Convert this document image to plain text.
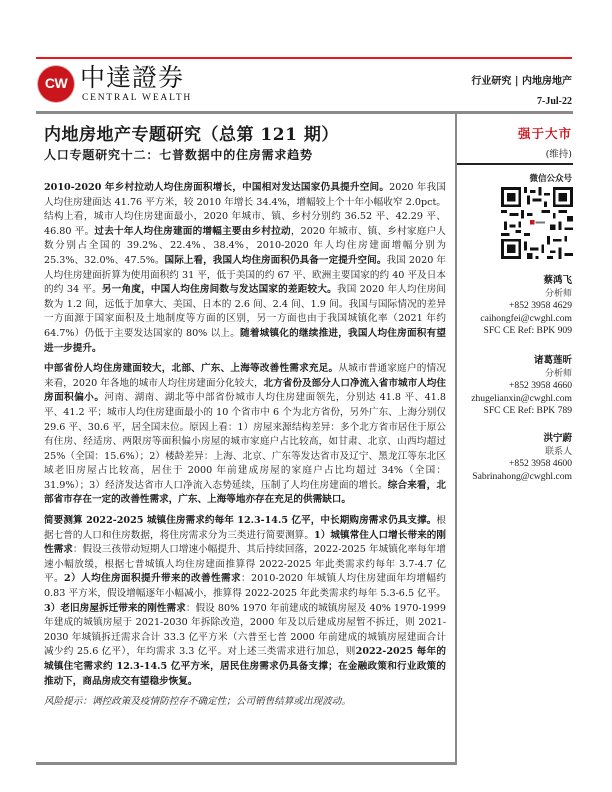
CW 中達證券
CENTRAL WEALTH
行业研究 | 内地房地产
7-Jul-22
内地房地产专题研究（总第 121 期）
人口专题研究十二：七普数据中的住房需求趋势

2010-2020 年乡村拉动人均住房面积增长，中国相对发达国家仍具提升空间。2020 年我国人均住房建面达 41.76 平方米，较 2010 年增长 34.4%，增幅较上个十年小幅收窄 2.0pct。结构上看，城市人均住房建面最小，2020 年城市、镇、乡村分别约 36.52 平、42.29 平、46.80 平。过去十年人均住房建面的增幅主要由乡村拉动，2020 年城市、镇、乡村家庭户人数分别占全国的 39.2%、22.4%、38.4%，2010-2020 年人均住房建面增幅分别为 25.3%、32.0%、47.5%。国际上看，我国人均住房面积仍具备一定提升空间。我国 2020 年人均住房建面折算为使用面积约 31 平，低于美国的约 67 平、欧洲主要国家的约 40 平及日本的约 34 平。另一角度，中国人均住房间数与发达国家的差距较大。我国 2020 年人均住房间数为 1.2 间，远低于加拿大、美国、日本的 2.6 间、2.4 间、1.9 间。我国与国际情况的差异一方面源于国家面积及土地制度等方面的区别，另一方面也由于我国城镇化率（2021 年约 64.7%）仍低于主要发达国家的 80% 以上。随着城镇化的继续推进，我国人均住房面积有望进一步提升。

中部省份人均住房建面较大，北部、广东、上海等改善性需求充足。从城市普通家庭户的情况来看，2020 年各地的城市人均住房建面分化较大，北方省份及部分人口净流入省市城市人均住房面积偏小。河南、湖南、湖北等中部省份城市人均住房建面领先，分别达 41.8 平、41.8 平、41.2 平；城市人均住房建面最小的 10 个省市中 6 个为北方省份，另外广东、上海分别仅 29.6 平、30.6 平，居全国末位。原因上看：1）房屋来源结构差异：多个北方省市居住于原公有住房、经适房、两限房等面积偏小房屋的城市家庭户占比较高，如甘肃、北京、山西均超过 25%（全国：15.6%）；2）楼龄差异：上海、北京、广东等发达省市及辽宁、黑龙江等东北区域老旧房屋占比较高，居住于 2000 年前建成房屋的家庭户占比均超过 34%（全国：31.9%）；3）经济发达省市人口净流入态势延续，压制了人均住房建面的增长。综合来看，北部省市存在一定的改善性需求，广东、上海等地亦存在充足的供需缺口。

简要测算 2022-2025 城镇住房需求约每年 12.3-14.5 亿平，中长期购房需求仍具支撑。根据七普的人口和住房数据，将住房需求分为三类进行简要测算。1）城镇常住人口增长带来的刚性需求：假设三孩带动短期人口增速小幅提升、其后持续回落，2022-2025 年城镇化率每年增速小幅放缓，根据七普城镇人均住房建面推算得 2022-2025 年此类需求约每年 3.7-4.7 亿平。2）人均住房面积提升带来的改善性需求：2010-2020 年城镇人均住房建面年均增幅约 0.83 平方米，假设增幅逐年小幅减小，推算得 2022-2025 年此类需求约每年 5.3-6.5 亿平。3）老旧房屋拆迁带来的刚性需求：假设 80% 1970 年前建成的城镇房屋及 40% 1970-1999 年建成的城镇房屋于 2021-2030 年拆除改造，2000 年及以后建成房屋暂不拆迁，则 2021-2030 年城镇拆迁需求合计 33.3 亿平方米（六普至七普 2000 年前建成的城镇房屋建面合计减少约 25.6 亿平），年均需求 3.3 亿平。对上述三类需求进行加总，则2022-2025 每年的城镇住宅需求约 12.3-14.5 亿平方米，居民住房需求仍具备支撑；在金融政策和行业政策的推动下，商品房成交有望稳步恢复。

风险提示：调控政策及疫情防控存不确定性；公司销售结算或出现波动。

强于大市
(维持)
微信公众号
蔡鸿飞
分析师
+852 3958 4629
caihongfei@cwghl.com
SFC CE Ref: BPK 909
诸葛莲昕
分析师
+852 3958 4660
zhugelianxin@cwghl.com
SFC CE Ref: BPK 789
洪宁蔚
联系人
+852 3958 4600
Sabrinahong@cwghl.com
